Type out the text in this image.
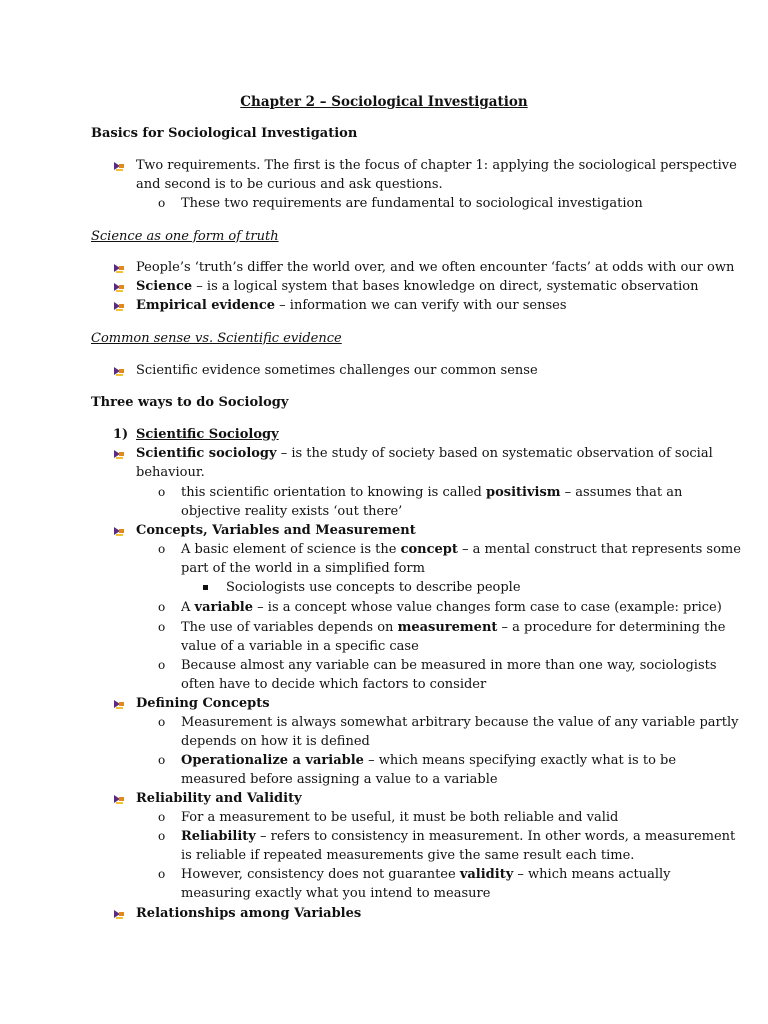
Chapter 2 – Sociological Investigation
Basics for Sociological Investigation
Two requirements. The first is the focus of chapter 1: applying the sociological perspective
and second is to be curious and ask questions.
o These two requirements are fundamental to sociological investigation
Science as one form of truth
People’s ‘truth’s differ the world over, and we often encounter ‘facts’ at odds with our own
Science – is a logical system that bases knowledge on direct, systematic observation
Empirical evidence – information we can verify with our senses
Common sense vs. Scientific evidence
Scientific evidence sometimes challenges our common sense
Three ways to do Sociology
1) Scientific Sociology
Scientific sociology – is the study of society based on systematic observation of social
behaviour.
o this scientific orientation to knowing is called positivism – assumes that an
objective reality exists ‘out there’
Concepts, Variables and Measurement
o A basic element of science is the concept – a mental construct that represents some
part of the world in a simplified form
Sociologists use concepts to describe people
o A variable – is a concept whose value changes form case to case (example: price)
o The use of variables depends on measurement – a procedure for determining the
value of a variable in a specific case
o Because almost any variable can be measured in more than one way, sociologists
often have to decide which factors to consider
Defining Concepts
o Measurement is always somewhat arbitrary because the value of any variable partly
depends on how it is defined
o Operationalize a variable – which means specifying exactly what is to be
measured before assigning a value to a variable
Reliability and Validity
o For a measurement to be useful, it must be both reliable and valid
o Reliability – refers to consistency in measurement. In other words, a measurement
is reliable if repeated measurements give the same result each time.
o However, consistency does not guarantee validity – which means actually
measuring exactly what you intend to measure
Relationships among Variables
